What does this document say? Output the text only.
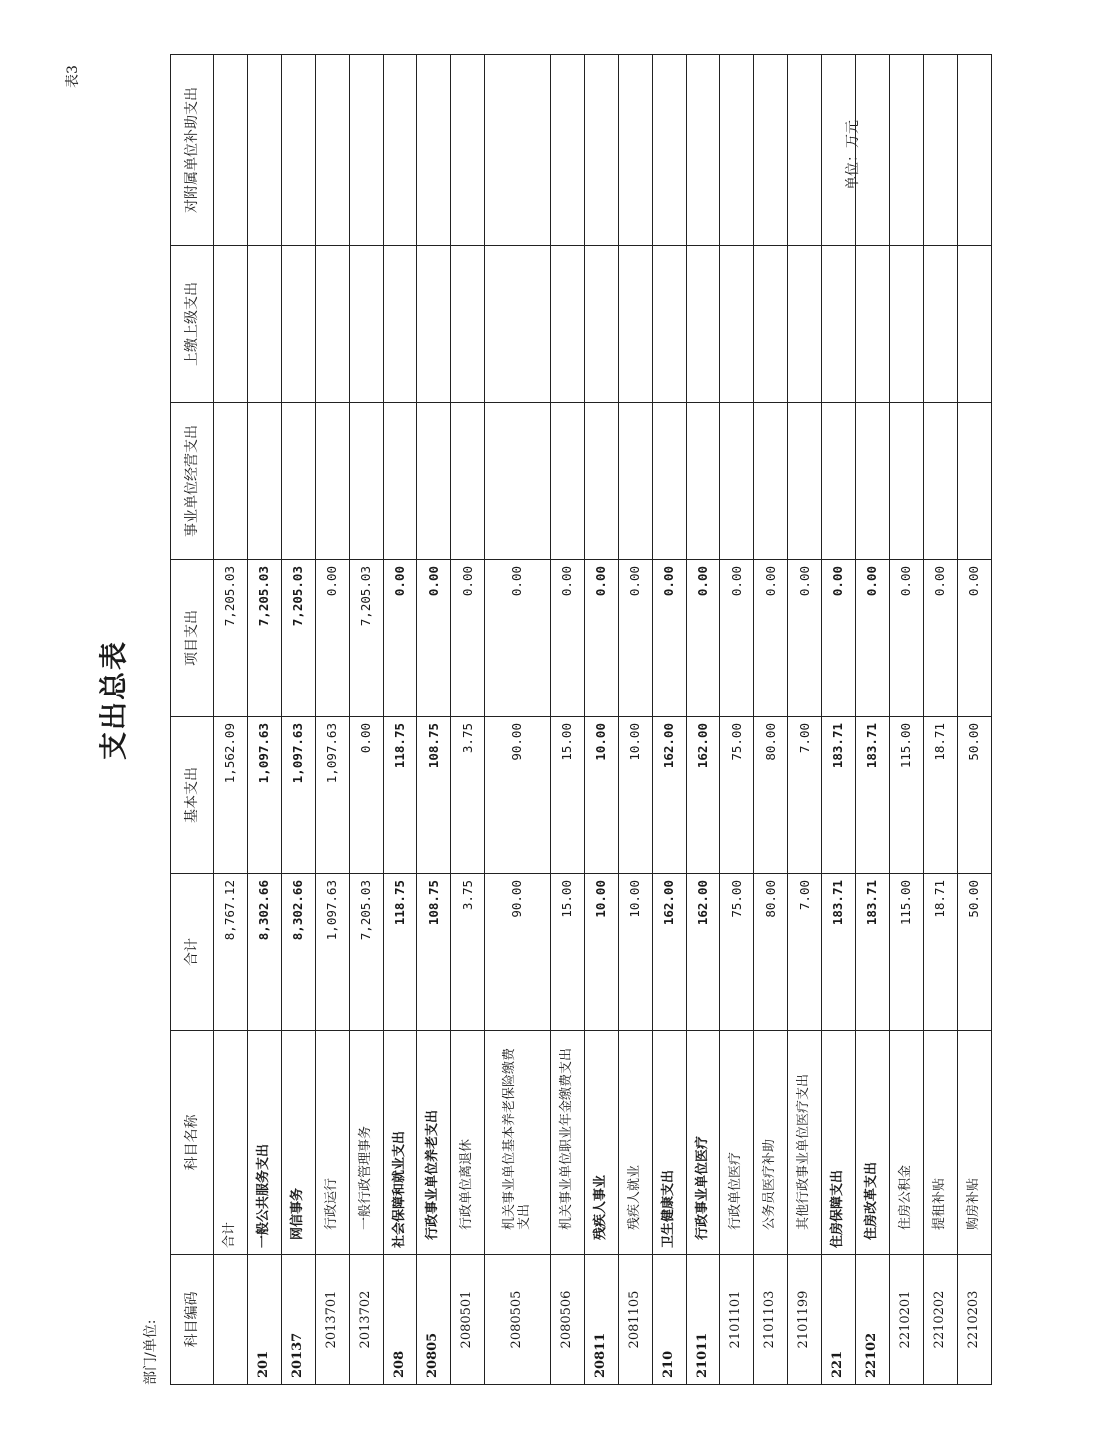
表3
支出总表
部门/单位:
单位：万元
科目编码	科目名称	合计	基本支出	项目支出	事业单位经营支出	上缴上级支出	对附属单位补助支出
	合计	8,767.12	1,562.09	7,205.03			
201	一般公共服务支出	8,302.66	1,097.63	7,205.03			
20137	网信事务	8,302.66	1,097.63	7,205.03			
2013701	行政运行	1,097.63	1,097.63	0.00			
2013702	一般行政管理事务	7,205.03	0.00	7,205.03			
208	社会保障和就业支出	118.75	118.75	0.00			
20805	行政事业单位养老支出	108.75	108.75	0.00			
2080501	行政单位离退休	3.75	3.75	0.00			
2080505	机关事业单位基本养老保险缴费支出	90.00	90.00	0.00			
2080506	机关事业单位职业年金缴费支出	15.00	15.00	0.00			
20811	残疾人事业	10.00	10.00	0.00			
2081105	残疾人就业	10.00	10.00	0.00			
210	卫生健康支出	162.00	162.00	0.00			
21011	行政事业单位医疗	162.00	162.00	0.00			
2101101	行政单位医疗	75.00	75.00	0.00			
2101103	公务员医疗补助	80.00	80.00	0.00			
2101199	其他行政事业单位医疗支出	7.00	7.00	0.00			
221	住房保障支出	183.71	183.71	0.00			
22102	住房改革支出	183.71	183.71	0.00			
2210201	住房公积金	115.00	115.00	0.00			
2210202	提租补贴	18.71	18.71	0.00			
2210203	购房补贴	50.00	50.00	0.00			
